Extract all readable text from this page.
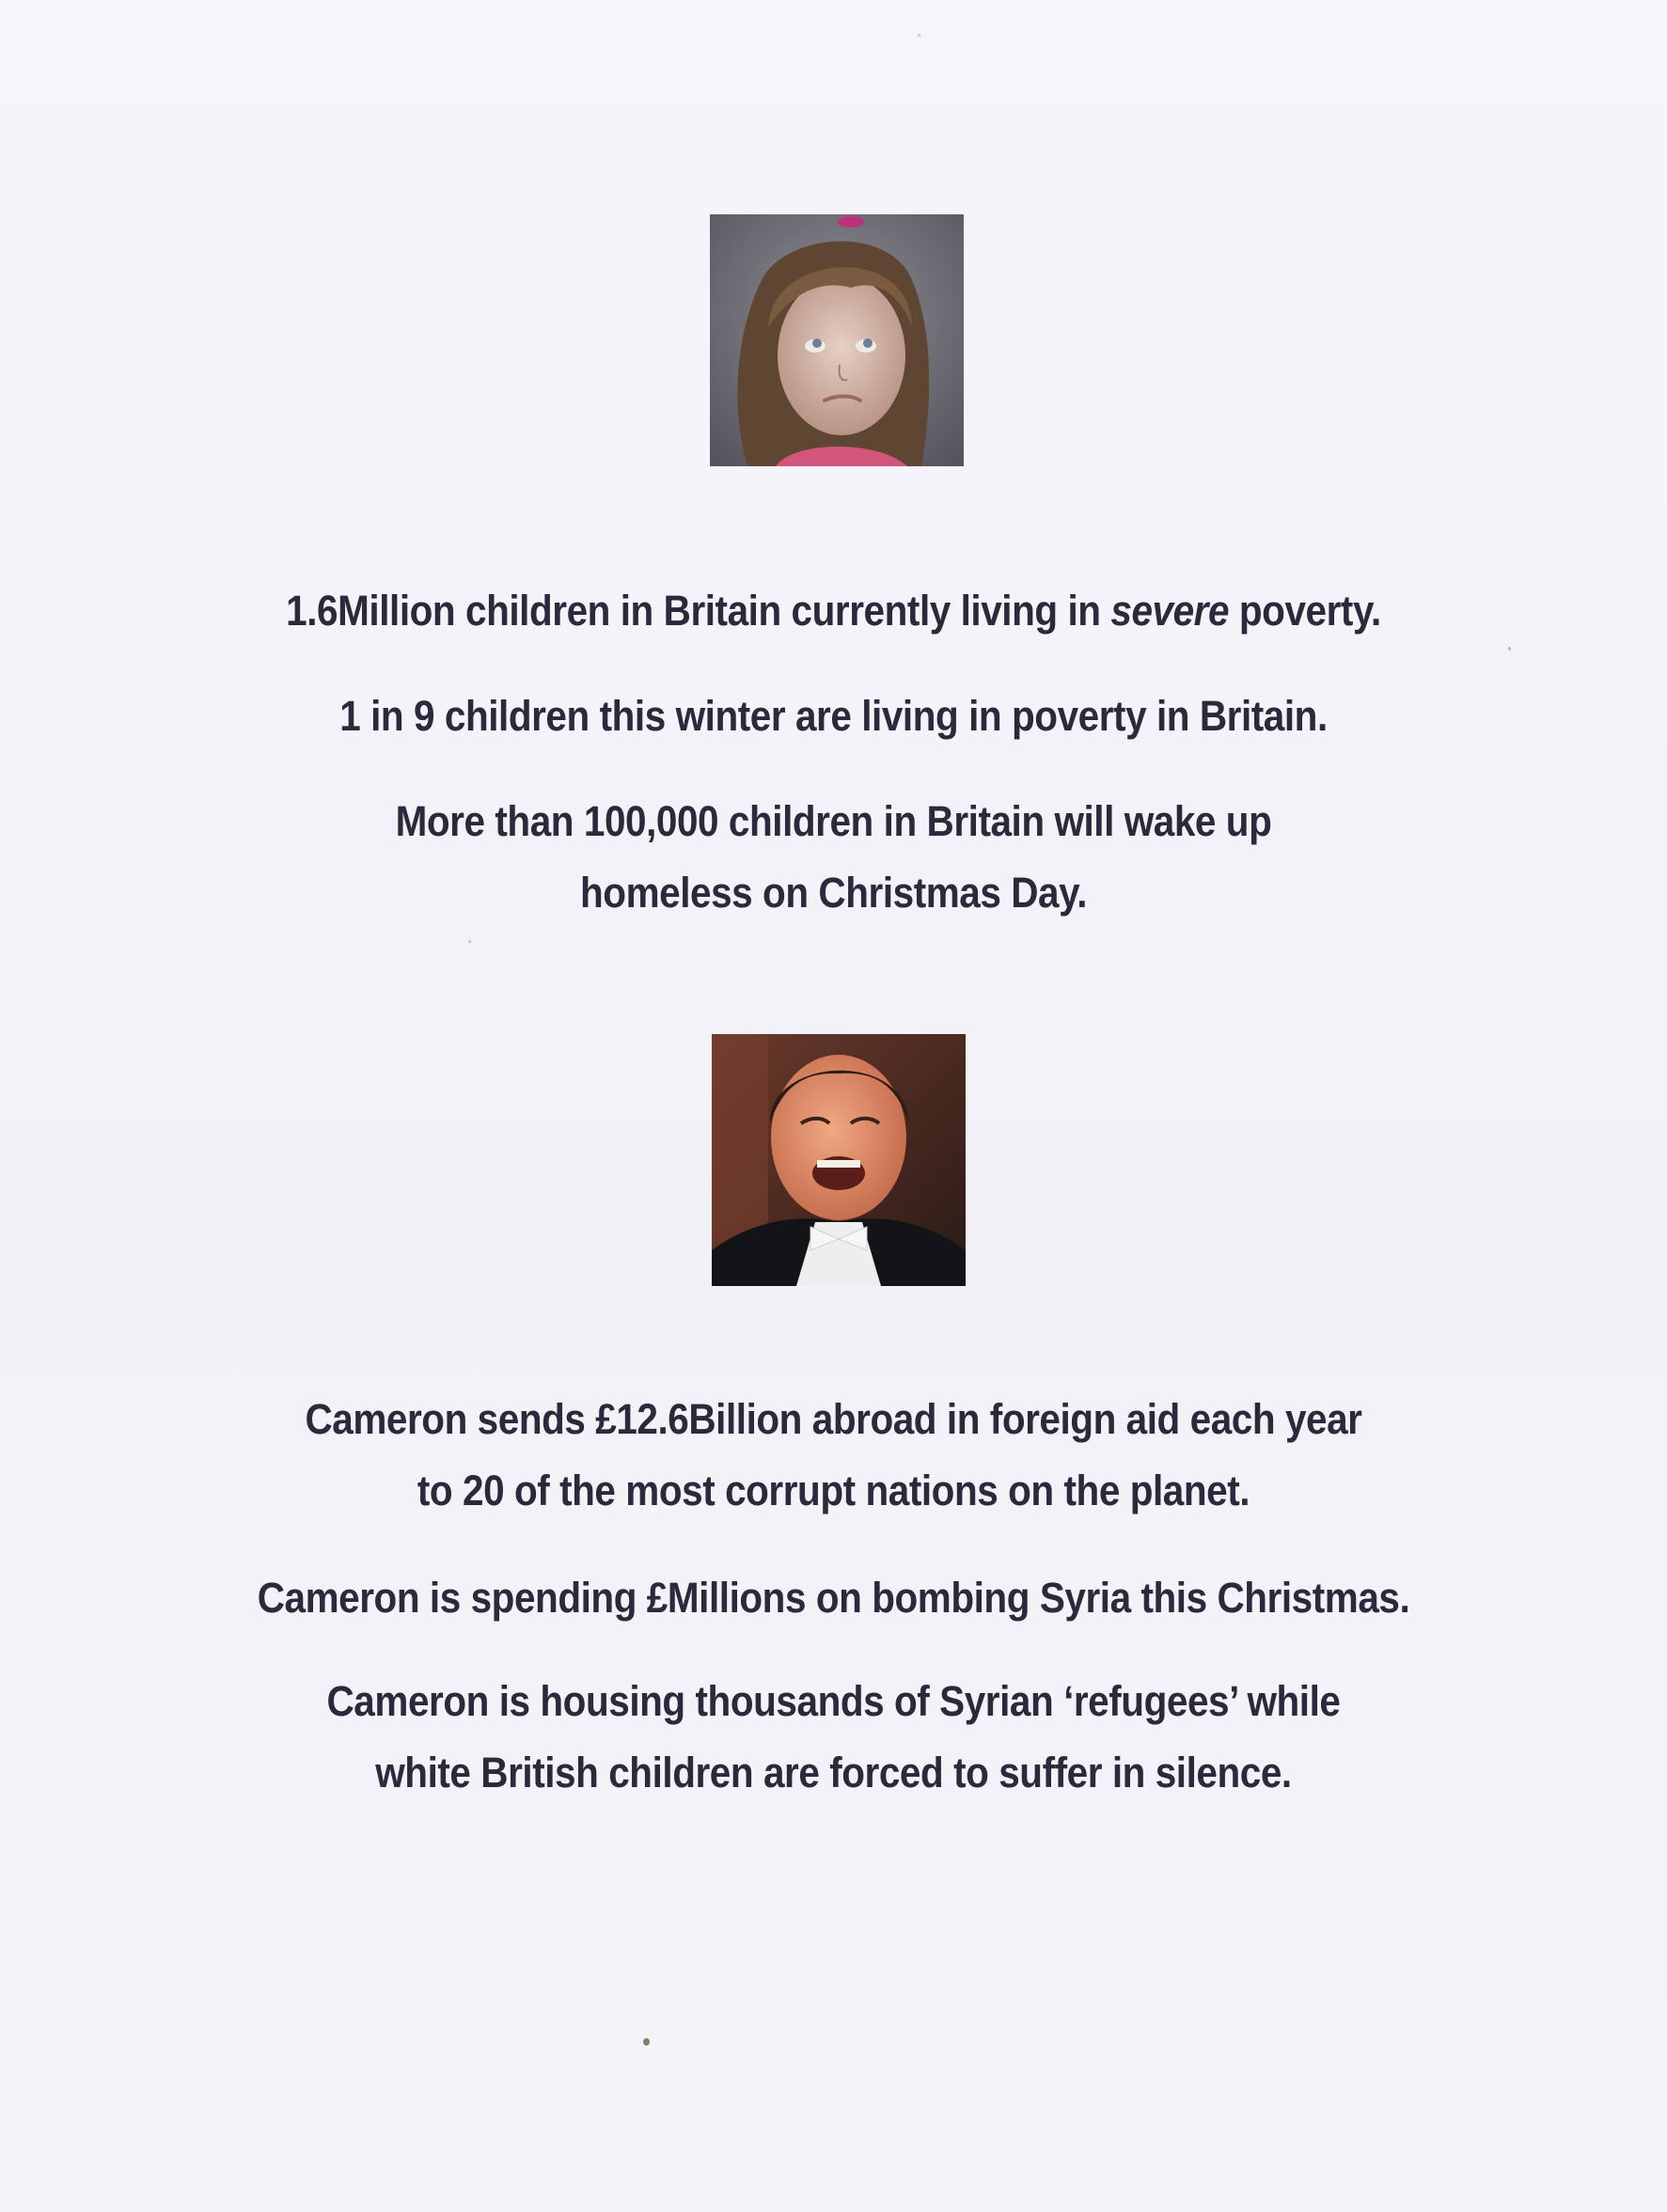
1.6Million children in Britain currently living in severe poverty.
1 in 9 children this winter are living in poverty in Britain.
More than 100,000 children in Britain will wake up
homeless on Christmas Day.
Cameron sends £12.6Billion abroad in foreign aid each year
to 20 of the most corrupt nations on the planet.
Cameron is spending £Millions on bombing Syria this Christmas.
Cameron is housing thousands of Syrian ‘refugees’ while
white British children are forced to suffer in silence.
